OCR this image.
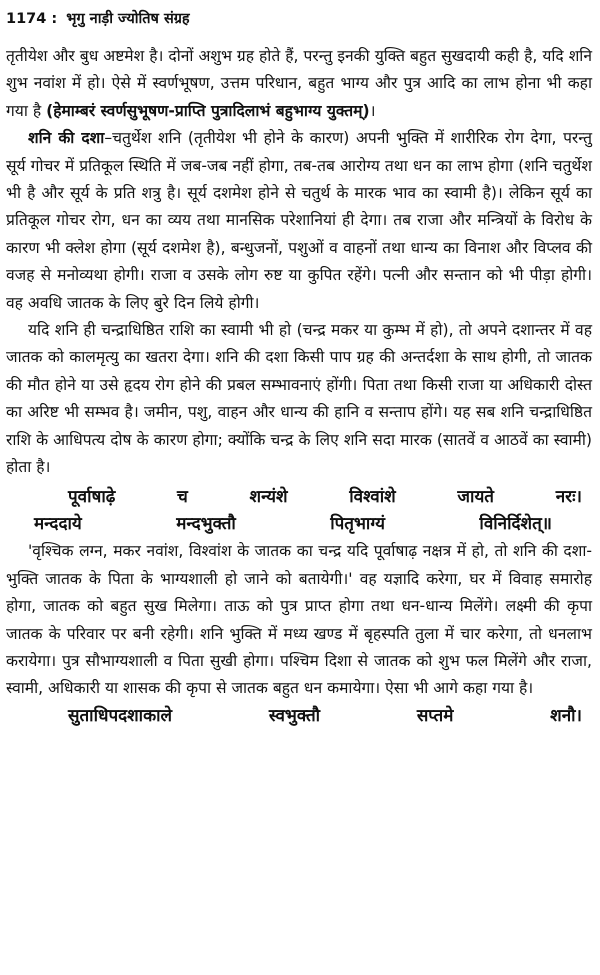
1174 : भृगु नाड़ी ज्योतिष संग्रह

तृतीयेश और बुध अष्टमेश है। दोनों अशुभ ग्रह होते हैं, परन्तु इनकी युक्ति बहुत सुखदायी कही है, यदि शनि शुभ नवांश में हो। ऐसे में स्वर्णभूषण, उत्तम परिधान, बहुत भाग्य और पुत्र आदि का लाभ होना भी कहा गया है (हेमाम्बरं स्वर्णसुभूषण-प्राप्ति पुत्रादिलाभं बहुभाग्य युक्तम्)।

शनि की दशा–चतुर्थेश शनि (तृतीयेश भी होने के कारण) अपनी भुक्ति में शारीरिक रोग देगा, परन्तु सूर्य गोचर में प्रतिकूल स्थिति में जब-जब नहीं होगा, तब-तब आरोग्य तथा धन का लाभ होगा (शनि चतुर्थेश भी है और सूर्य के प्रति शत्रु है। सूर्य दशमेश होने से चतुर्थ के मारक भाव का स्वामी है)। लेकिन सूर्य का प्रतिकूल गोचर रोग, धन का व्यय तथा मानसिक परेशानियां ही देगा। तब राजा और मन्त्रियों के विरोध के कारण भी क्लेश होगा (सूर्य दशमेश है), बन्धुजनों, पशुओं व वाहनों तथा धान्य का विनाश और विप्लव की वजह से मनोव्यथा होगी। राजा व उसके लोग रुष्ट या कुपित रहेंगे। पत्नी और सन्तान को भी पीड़ा होगी। वह अवधि जातक के लिए बुरे दिन लिये होगी।

यदि शनि ही चन्द्राधिष्ठित राशि का स्वामी भी हो (चन्द्र मकर या कुम्भ में हो), तो अपने दशान्तर में वह जातक को कालमृत्यु का खतरा देगा। शनि की दशा किसी पाप ग्रह की अन्तर्दशा के साथ होगी, तो जातक की मौत होने या उसे हृदय रोग होने की प्रबल सम्भावनाएं होंगी। पिता तथा किसी राजा या अधिकारी दोस्त का अरिष्ट भी सम्भव है। जमीन, पशु, वाहन और धान्य की हानि व सन्ताप होंगे। यह सब शनि चन्द्राधिष्ठित राशि के आधिपत्य दोष के कारण होगा; क्योंकि चन्द्र के लिए शनि सदा मारक (सातवें व आठवें का स्वामी) होता है।

पूर्वाषाढ़े	च	शन्यंशे	विश्वांशे	जायते	नरः।
मन्ददाये	मन्दभुक्तौ	पितृभाग्यं	विनिर्दिशेत्॥

'वृश्चिक लग्न, मकर नवांश, विश्वांश के जातक का चन्द्र यदि पूर्वाषाढ़ नक्षत्र में हो, तो शनि की दशा-भुक्ति जातक के पिता के भाग्यशाली हो जाने को बतायेगी।' वह यज्ञादि करेगा, घर में विवाह समारोह होगा, जातक को बहुत सुख मिलेगा। ताऊ को पुत्र प्राप्त होगा तथा धन-धान्य मिलेंगे। लक्ष्मी की कृपा जातक के परिवार पर बनी रहेगी। शनि भुक्ति में मध्य खण्ड में बृहस्पति तुला में चार करेगा, तो धनलाभ करायेगा। पुत्र सौभाग्यशाली व पिता सुखी होगा। पश्चिम दिशा से जातक को शुभ फल मिलेंगे और राजा, स्वामी, अधिकारी या शासक की कृपा से जातक बहुत धन कमायेगा। ऐसा भी आगे कहा गया है।

सुताधिपदशाकाले	स्वभुक्तौ	सप्तमे	शनौ।
